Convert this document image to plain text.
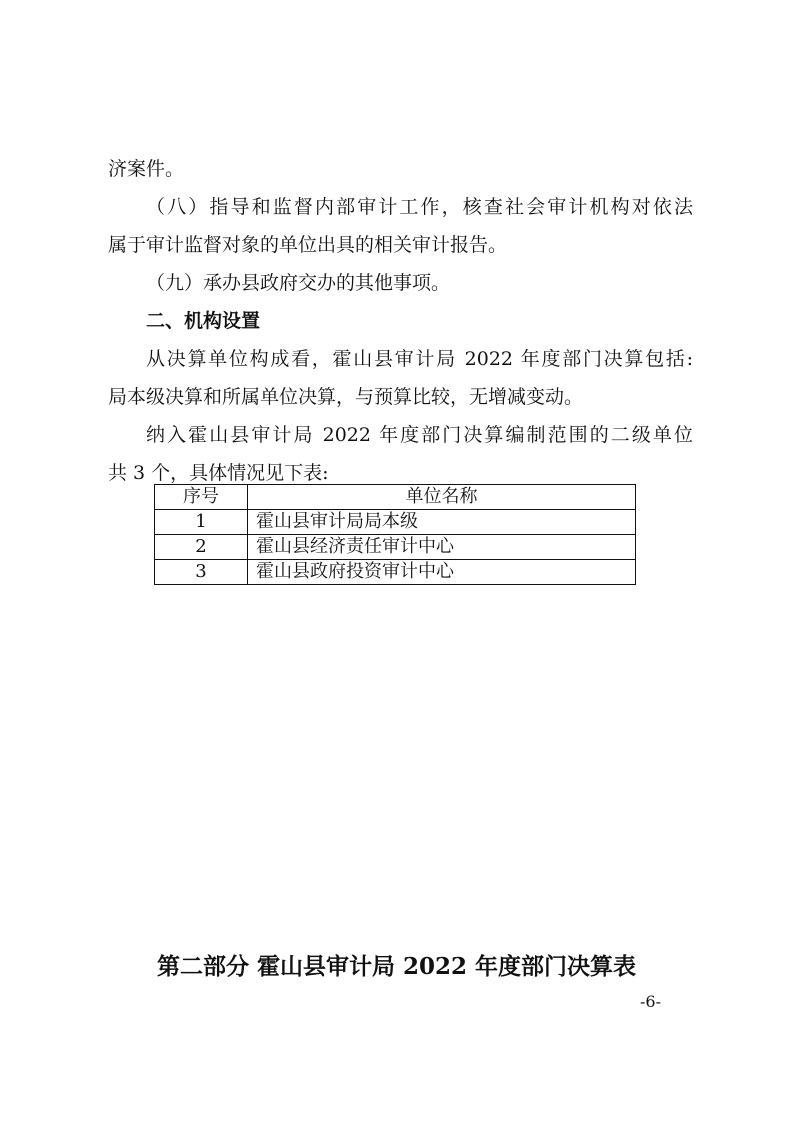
济案件。
（八）指导和监督内部审计工作，核查社会审计机构对依法
属于审计监督对象的单位出具的相关审计报告。
（九）承办县政府交办的其他事项。
二、机构设置
从决算单位构成看，霍山县审计局 2022 年度部门决算包括:
局本级决算和所属单位决算，与预算比较，无增减变动。
纳入霍山县审计局 2022 年度部门决算编制范围的二级单位
共 3 个，具体情况见下表:
序号	单位名称
1	霍山县审计局局本级
2	霍山县经济责任审计中心
3	霍山县政府投资审计中心
第二部分 霍山县审计局 2022 年度部门决算表
-6-
